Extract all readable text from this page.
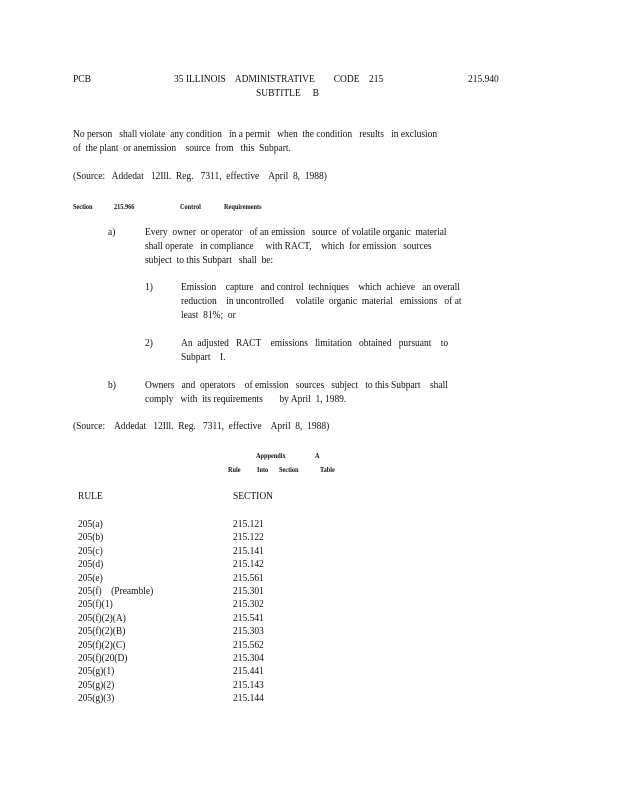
PCB	35 ILLINOIS    ADMINISTRATIVE        CODE    215
SUBTITLE     B
215.940
No person   shall violate  any condition   in a permit   when  the condition   results   in exclusion
of  the plant  or anemission    source  from   this  Subpart.
(Source:   Addedat   12Ill.  Reg.   7311,  effective    April  8,  1988)
Section	215.966	Control	Requirements
a)	Every  owner  or operator   of an emission   source  of volatile organic  material
shall operate   in compliance     with RACT,    which  for emission   sources
subject  to this Subpart   shall  be:
1)	Emission    capture   and control  techniques    which  achieve   an overall
reduction    in uncontrolled     volatile  organic  material   emissions   of at
least  81%;  or
2)	An  adjusted   RACT    emissions   limitation   obtained   pursuant    to
Subpart    I.
b)	Owners   and  operators    of emission   sources   subject   to this Subpart    shall
comply   with  its requirements       by April  1, 1989.
(Source:    Addedat   12Ill.  Reg.   7311,  effective    April  8,  1988)
Apppendix	A
Rule Into Section	Table
RULE	SECTION
205(a)	215.121
205(b)	215.122
205(c)	215.141
205(d)	215.142
205(e)	215.561
205(f)    (Preamble)	215.301
205(f)(1)	215.302
205(f)(2)(A)	215.541
205(f)(2)(B)	215.303
205(f)(2)(C)	215.562
205(f)(20(D)	215.304
205(g)(1)	215.441
205(g)(2)	215.143
205(g)(3)	215.144
